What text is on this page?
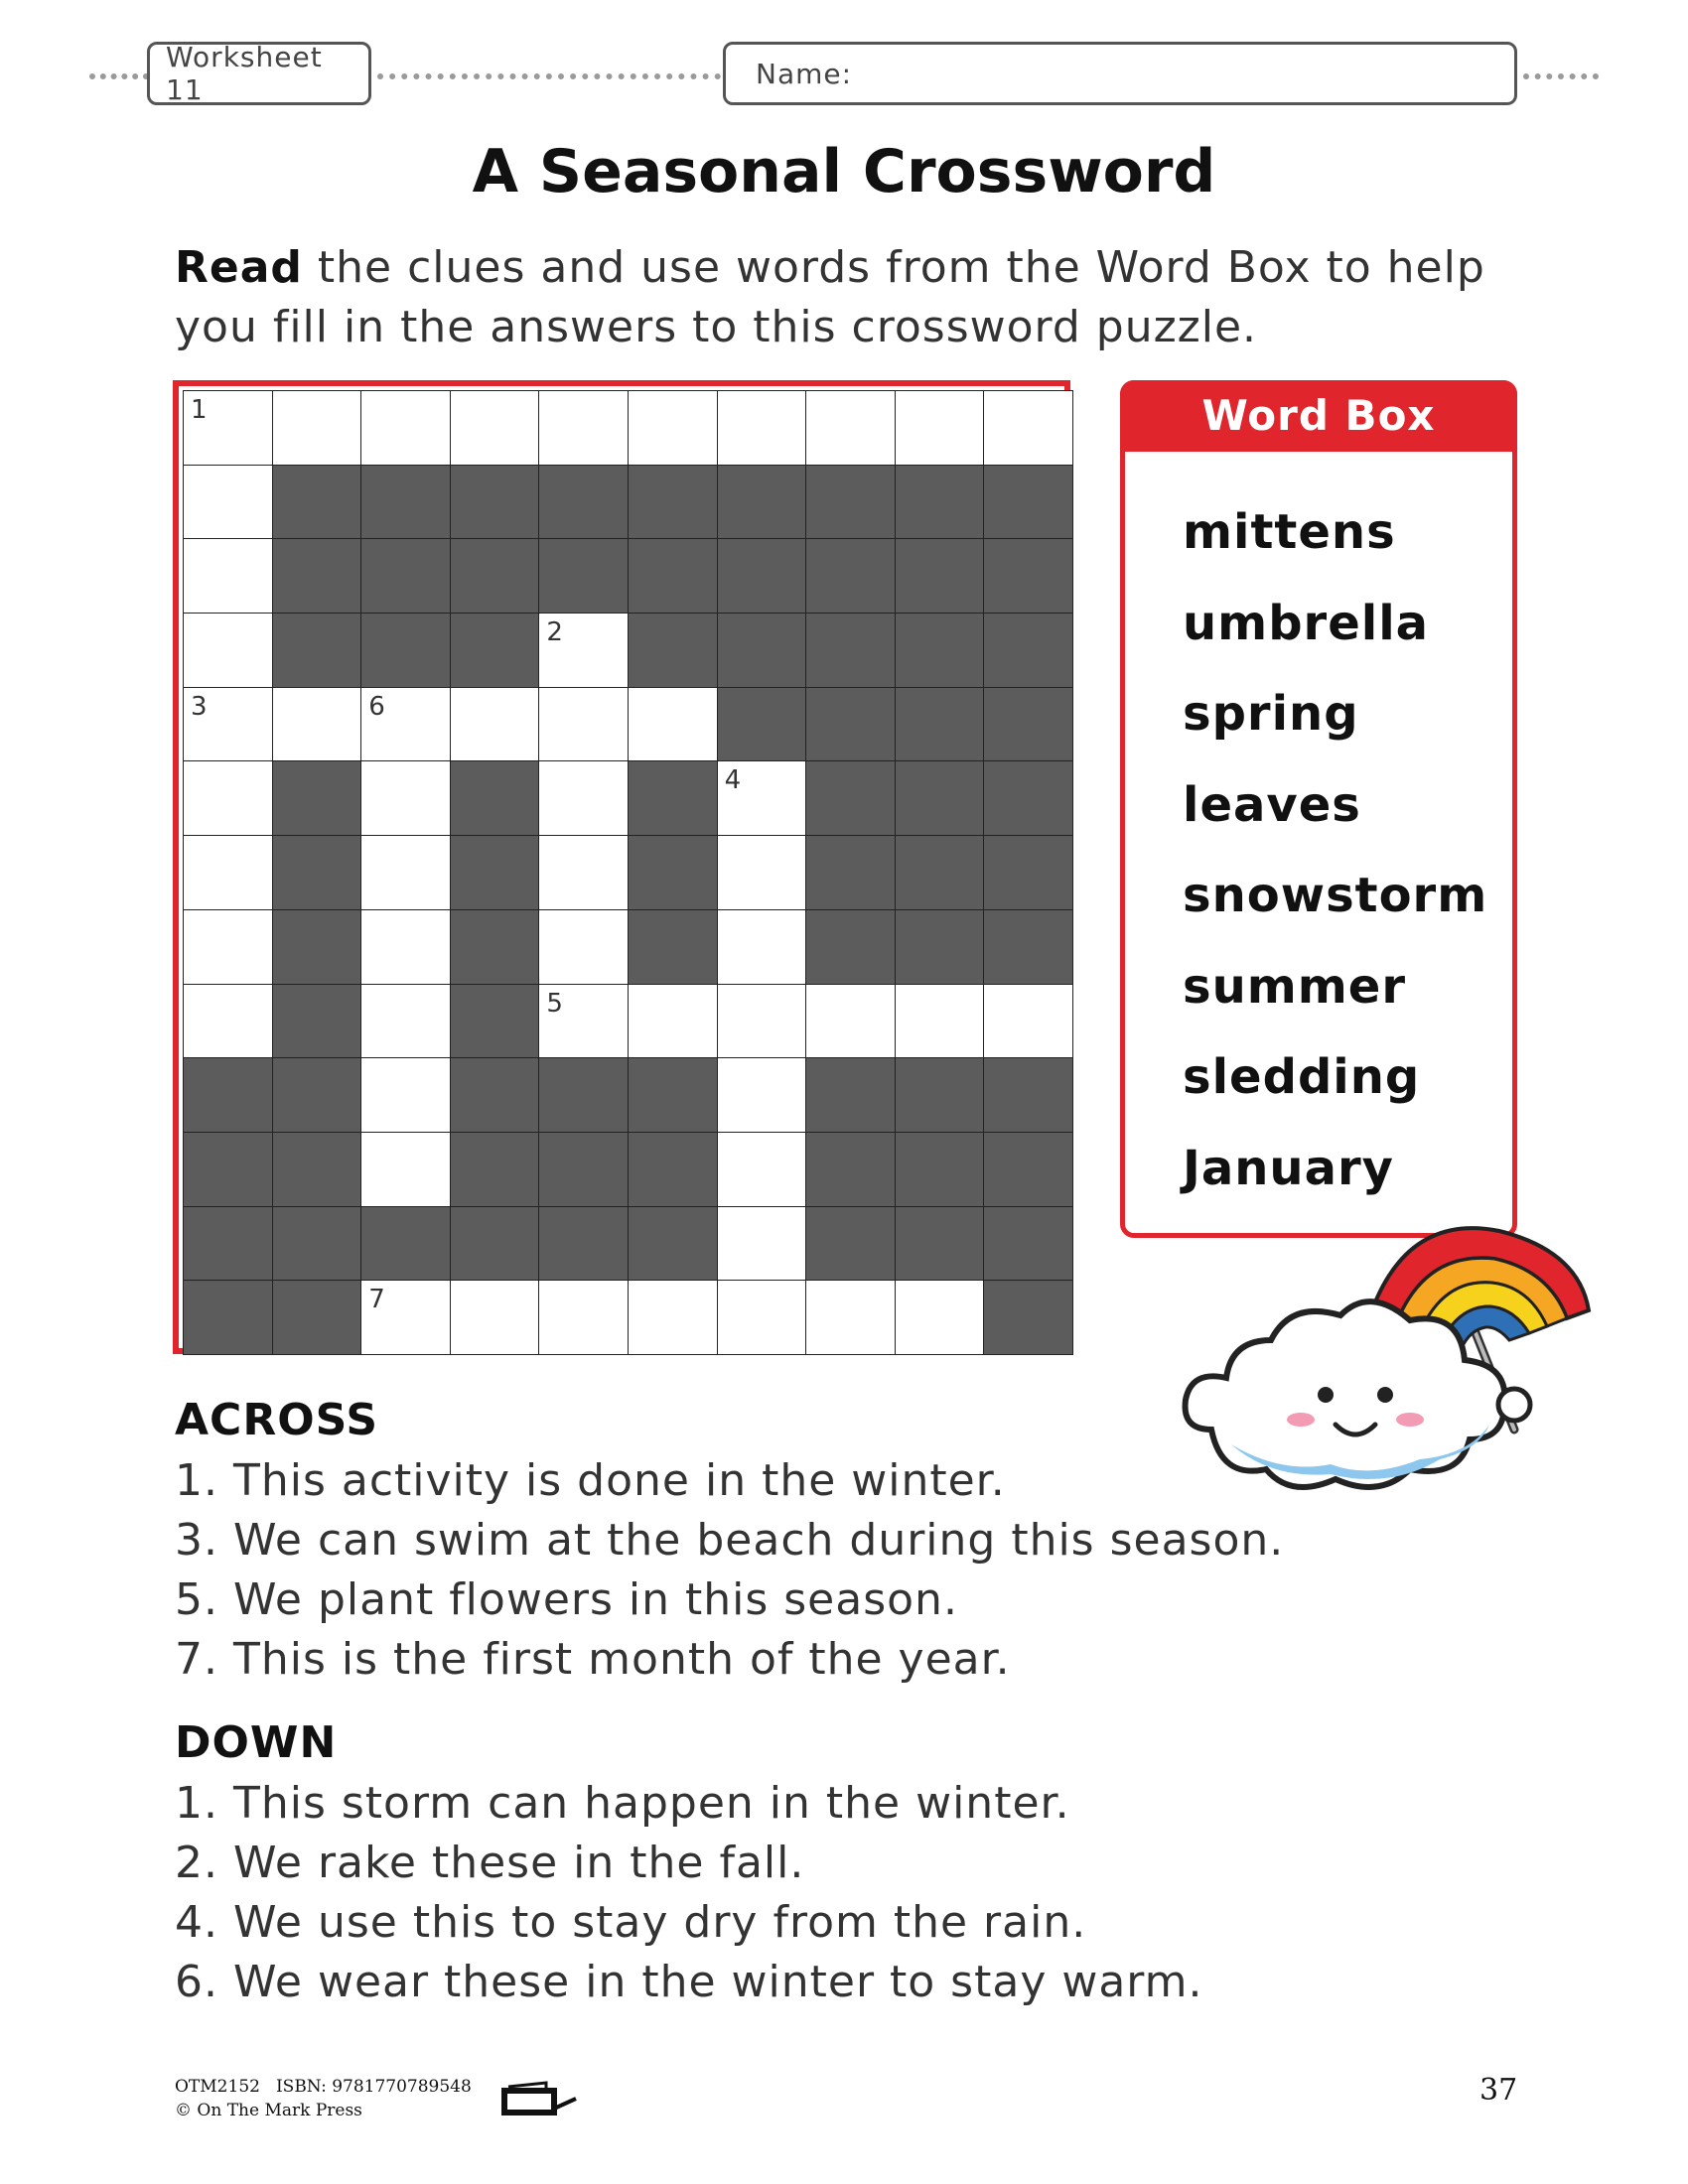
Worksheet 11	Name:
A Seasonal Crossword
Read the clues and use words from the Word Box to help you fill in the answers to this crossword puzzle.
1
2
3	6
4
5
7
Word Box
mittens
umbrella
spring
leaves
snowstorm
summer
sledding
January
ACROSS
1. This activity is done in the winter.
3. We can swim at the beach during this season.
5. We plant flowers in this season.
7. This is the first month of the year.
DOWN
1. This storm can happen in the winter.
2. We rake these in the fall.
4. We use this to stay dry from the rain.
6. We wear these in the winter to stay warm.
OTM2152 ISBN: 9781770789548
© On The Mark Press
37
